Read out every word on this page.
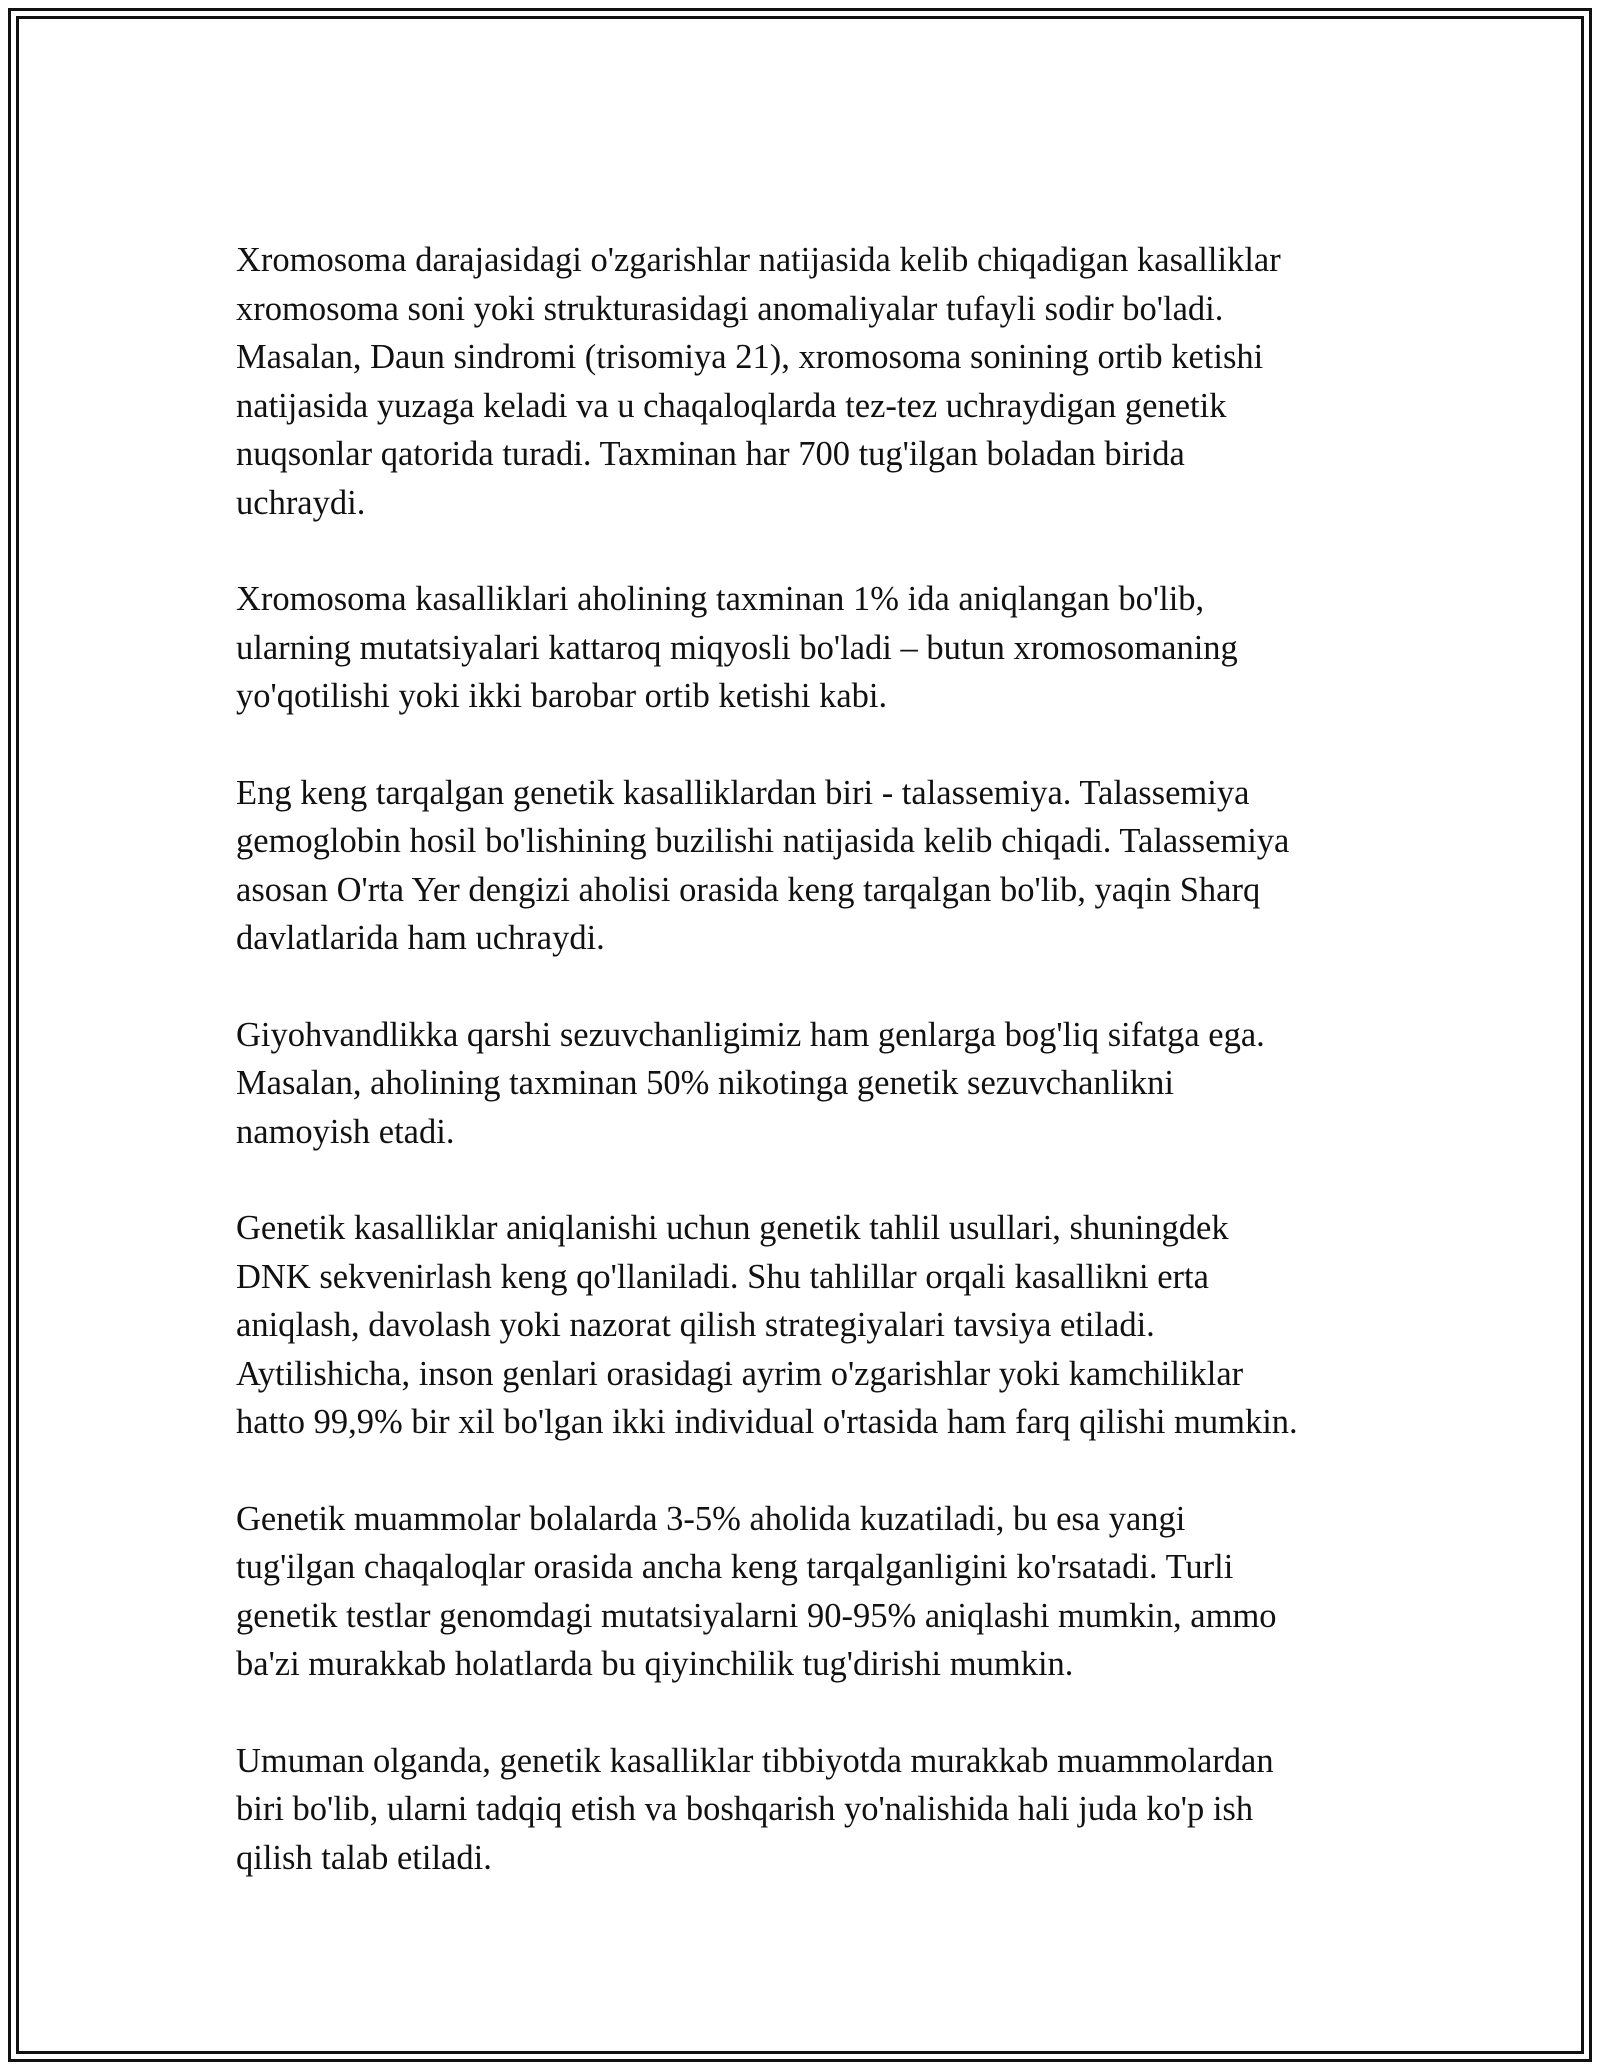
Xromosoma darajasidagi o'zgarishlar natijasida kelib chiqadigan kasalliklar
xromosoma soni yoki strukturasidagi anomaliyalar tufayli sodir bo'ladi.
Masalan, Daun sindromi (trisomiya 21), xromosoma sonining ortib ketishi
natijasida yuzaga keladi va u chaqaloqlarda tez-tez uchraydigan genetik
nuqsonlar qatorida turadi. Taxminan har 700 tug'ilgan boladan birida
uchraydi.

Xromosoma kasalliklari aholining taxminan 1% ida aniqlangan bo'lib,
ularning mutatsiyalari kattaroq miqyosli bo'ladi – butun xromosomaning
yo'qotilishi yoki ikki barobar ortib ketishi kabi.

Eng keng tarqalgan genetik kasalliklardan biri - talassemiya. Talassemiya
gemoglobin hosil bo'lishining buzilishi natijasida kelib chiqadi. Talassemiya
asosan O'rta Yer dengizi aholisi orasida keng tarqalgan bo'lib, yaqin Sharq
davlatlarida ham uchraydi.

Giyohvandlikka qarshi sezuvchanligimiz ham genlarga bog'liq sifatga ega.
Masalan, aholining taxminan 50% nikotinga genetik sezuvchanlikni
namoyish etadi.

Genetik kasalliklar aniqlanishi uchun genetik tahlil usullari, shuningdek
DNK sekvenirlash keng qo'llaniladi. Shu tahlillar orqali kasallikni erta
aniqlash, davolash yoki nazorat qilish strategiyalari tavsiya etiladi.
Aytilishicha, inson genlari orasidagi ayrim o'zgarishlar yoki kamchiliklar
hatto 99,9% bir xil bo'lgan ikki individual o'rtasida ham farq qilishi mumkin.

Genetik muammolar bolalarda 3-5% aholida kuzatiladi, bu esa yangi
tug'ilgan chaqaloqlar orasida ancha keng tarqalganligini ko'rsatadi. Turli
genetik testlar genomdagi mutatsiyalarni 90-95% aniqlashi mumkin, ammo
ba'zi murakkab holatlarda bu qiyinchilik tug'dirishi mumkin.

Umuman olganda, genetik kasalliklar tibbiyotda murakkab muammolardan
biri bo'lib, ularni tadqiq etish va boshqarish yo'nalishida hali juda ko'p ish
qilish talab etiladi.
